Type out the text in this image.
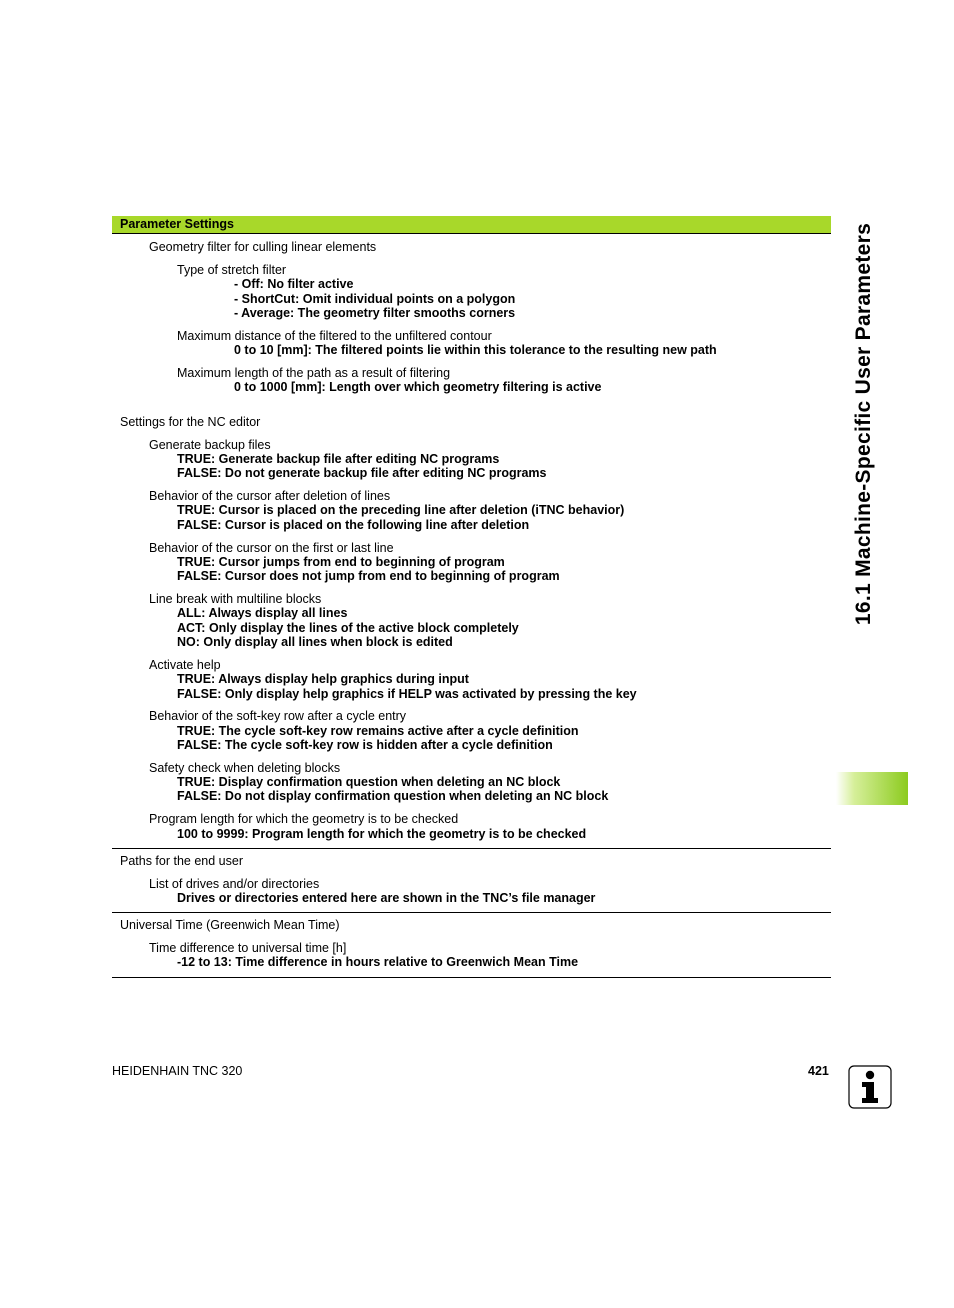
16.1 Machine-Specific User Parameters
Parameter Settings
Geometry filter for culling linear elements
Type of stretch filter
- Off: No filter active
- ShortCut: Omit individual points on a polygon
- Average: The geometry filter smooths corners
Maximum distance of the filtered to the unfiltered contour
0 to 10 [mm]: The filtered points lie within this tolerance to the resulting new path
Maximum length of the path as a result of filtering
0 to 1000 [mm]: Length over which geometry filtering is active
Settings for the NC editor
Generate backup files
TRUE: Generate backup file after editing NC programs
FALSE: Do not generate backup file after editing NC programs
Behavior of the cursor after deletion of lines
TRUE: Cursor is placed on the preceding line after deletion (iTNC behavior)
FALSE: Cursor is placed on the following line after deletion
Behavior of the cursor on the first or last line
TRUE: Cursor jumps from end to beginning of program
FALSE: Cursor does not jump from end to beginning of program
Line break with multiline blocks
ALL: Always display all lines
ACT: Only display the lines of the active block completely
NO: Only display all lines when block is edited
Activate help
TRUE: Always display help graphics during input
FALSE: Only display help graphics if HELP was activated by pressing the key
Behavior of the soft-key row after a cycle entry
TRUE: The cycle soft-key row remains active after a cycle definition
FALSE: The cycle soft-key row is hidden after a cycle definition
Safety check when deleting blocks
TRUE: Display confirmation question when deleting an NC block
FALSE: Do not display confirmation question when deleting an NC block
Program length for which the geometry is to be checked
100 to 9999: Program length for which the geometry is to be checked
Paths for the end user
List of drives and/or directories
Drives or directories entered here are shown in the TNC’s file manager
Universal Time (Greenwich Mean Time)
Time difference to universal time [h]
-12 to 13: Time difference in hours relative to Greenwich Mean Time
HEIDENHAIN TNC 320	421
